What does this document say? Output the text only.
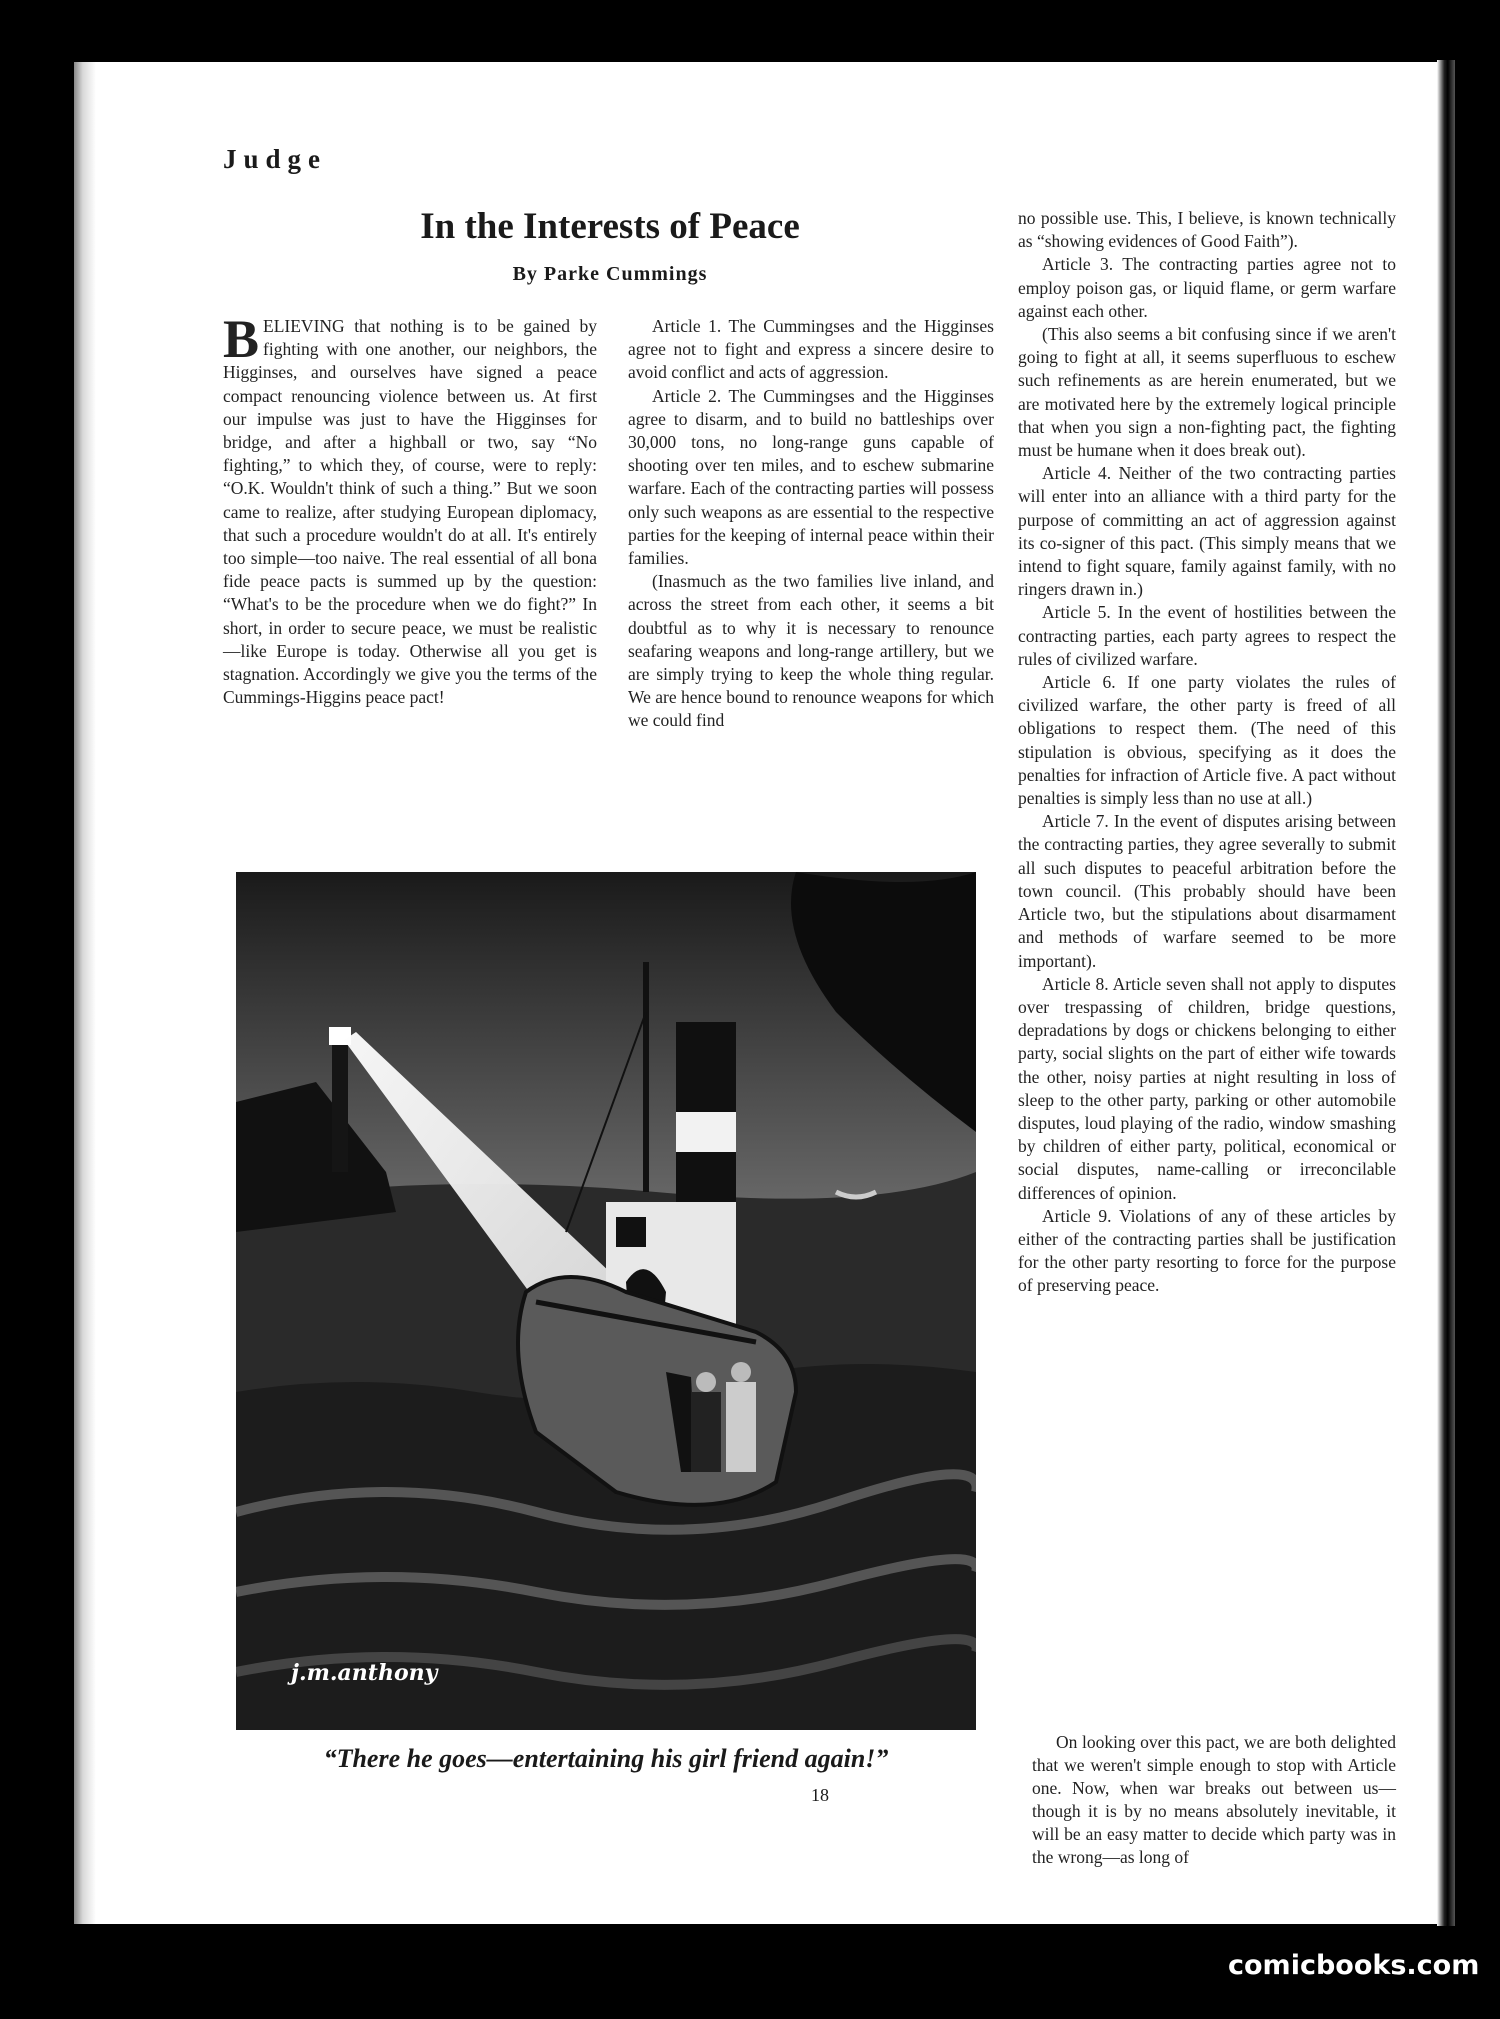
Judge
In the Interests of Peace
By Parke Cummings

BELIEVING that nothing is to be gained by fighting with one another, our neighbors, the Higginses, and ourselves have signed a peace compact renouncing violence between us. At first our impulse was just to have the Higginses for bridge, and after a highball or two, say “No fighting,” to which they, of course, were to reply: “O.K. Wouldn't think of such a thing.” But we soon came to realize, after studying European diplomacy, that such a procedure wouldn't do at all. It's entirely too simple—too naive. The real essential of all bona fide peace pacts is summed up by the question: “What's to be the procedure when we do fight?” In short, in order to secure peace, we must be realistic—like Europe is today. Otherwise all you get is stagnation. Accordingly we give you the terms of the Cummings-Higgins peace pact!

Article 1. The Cummingses and the Higginses agree not to fight and express a sincere desire to avoid conflict and acts of aggression.

Article 2. The Cummingses and the Higginses agree to disarm, and to build no battleships over 30,000 tons, no long-range guns capable of shooting over ten miles, and to eschew submarine warfare. Each of the contracting parties will possess only such weapons as are essential to the respective parties for the keeping of internal peace within their families.

(Inasmuch as the two families live inland, and across the street from each other, it seems a bit doubtful as to why it is necessary to renounce seafaring weapons and long-range artillery, but we are simply trying to keep the whole thing regular. We are hence bound to renounce weapons for which we could find

no possible use. This, I believe, is known technically as “showing evidences of Good Faith”).

Article 3. The contracting parties agree not to employ poison gas, or liquid flame, or germ warfare against each other.

(This also seems a bit confusing since if we aren't going to fight at all, it seems superfluous to eschew such refinements as are herein enumerated, but we are motivated here by the extremely logical principle that when you sign a non-fighting pact, the fighting must be humane when it does break out).

Article 4. Neither of the two contracting parties will enter into an alliance with a third party for the purpose of committing an act of aggression against its co-signer of this pact. (This simply means that we intend to fight square, family against family, with no ringers drawn in.)

Article 5. In the event of hostilities between the contracting parties, each party agrees to respect the rules of civilized warfare.

Article 6. If one party violates the rules of civilized warfare, the other party is freed of all obligations to respect them. (The need of this stipulation is obvious, specifying as it does the penalties for infraction of Article five. A pact without penalties is simply less than no use at all.)

Article 7. In the event of disputes arising between the contracting parties, they agree severally to submit all such disputes to peaceful arbitration before the town council. (This probably should have been Article two, but the stipulations about disarmament and methods of warfare seemed to be more important).

Article 8. Article seven shall not apply to disputes over trespassing of children, bridge questions, depradations by dogs or chickens belonging to either party, social slights on the part of either wife towards the other, noisy parties at night resulting in loss of sleep to the other party, parking or other automobile disputes, loud playing of the radio, window smashing by children of either party, political, economical or social disputes, name-calling or irreconcilable differences of opinion.

Article 9. Violations of any of these articles by either of the contracting parties shall be justification for the other party resorting to force for the purpose of preserving peace.

On looking over this pact, we are both delighted that we weren't simple enough to stop with Article one. Now, when war breaks out between us—though it is by no means absolutely inevitable, it will be an easy matter to decide which party was in the wrong—as long of

j.m.anthony
“There he goes—entertaining his girl friend again!”
18
comicbooks.com
